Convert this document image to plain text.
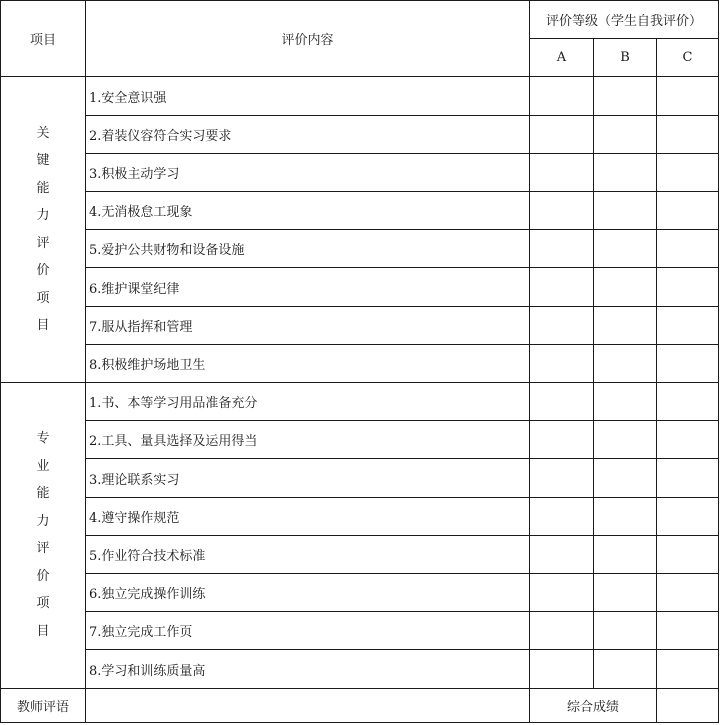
项目	评价内容	评价等级（学生自我评价）		
		A	B	C
关键能力评价项目	1.安全意识强			
	2.着装仪容符合实习要求			
	3.积极主动学习			
	4.无消极怠工现象			
	5.爱护公共财物和设备设施			
	6.维护课堂纪律			
	7.服从指挥和管理			
	8.积极维护场地卫生			
专业能力评价项目	1.书、本等学习用品准备充分			
	2.工具、量具选择及运用得当			
	3.理论联系实习			
	4.遵守操作规范			
	5.作业符合技术标准			
	6.独立完成操作训练			
	7.独立完成工作页			
	8.学习和训练质量高			
教师评语		综合成绩		
